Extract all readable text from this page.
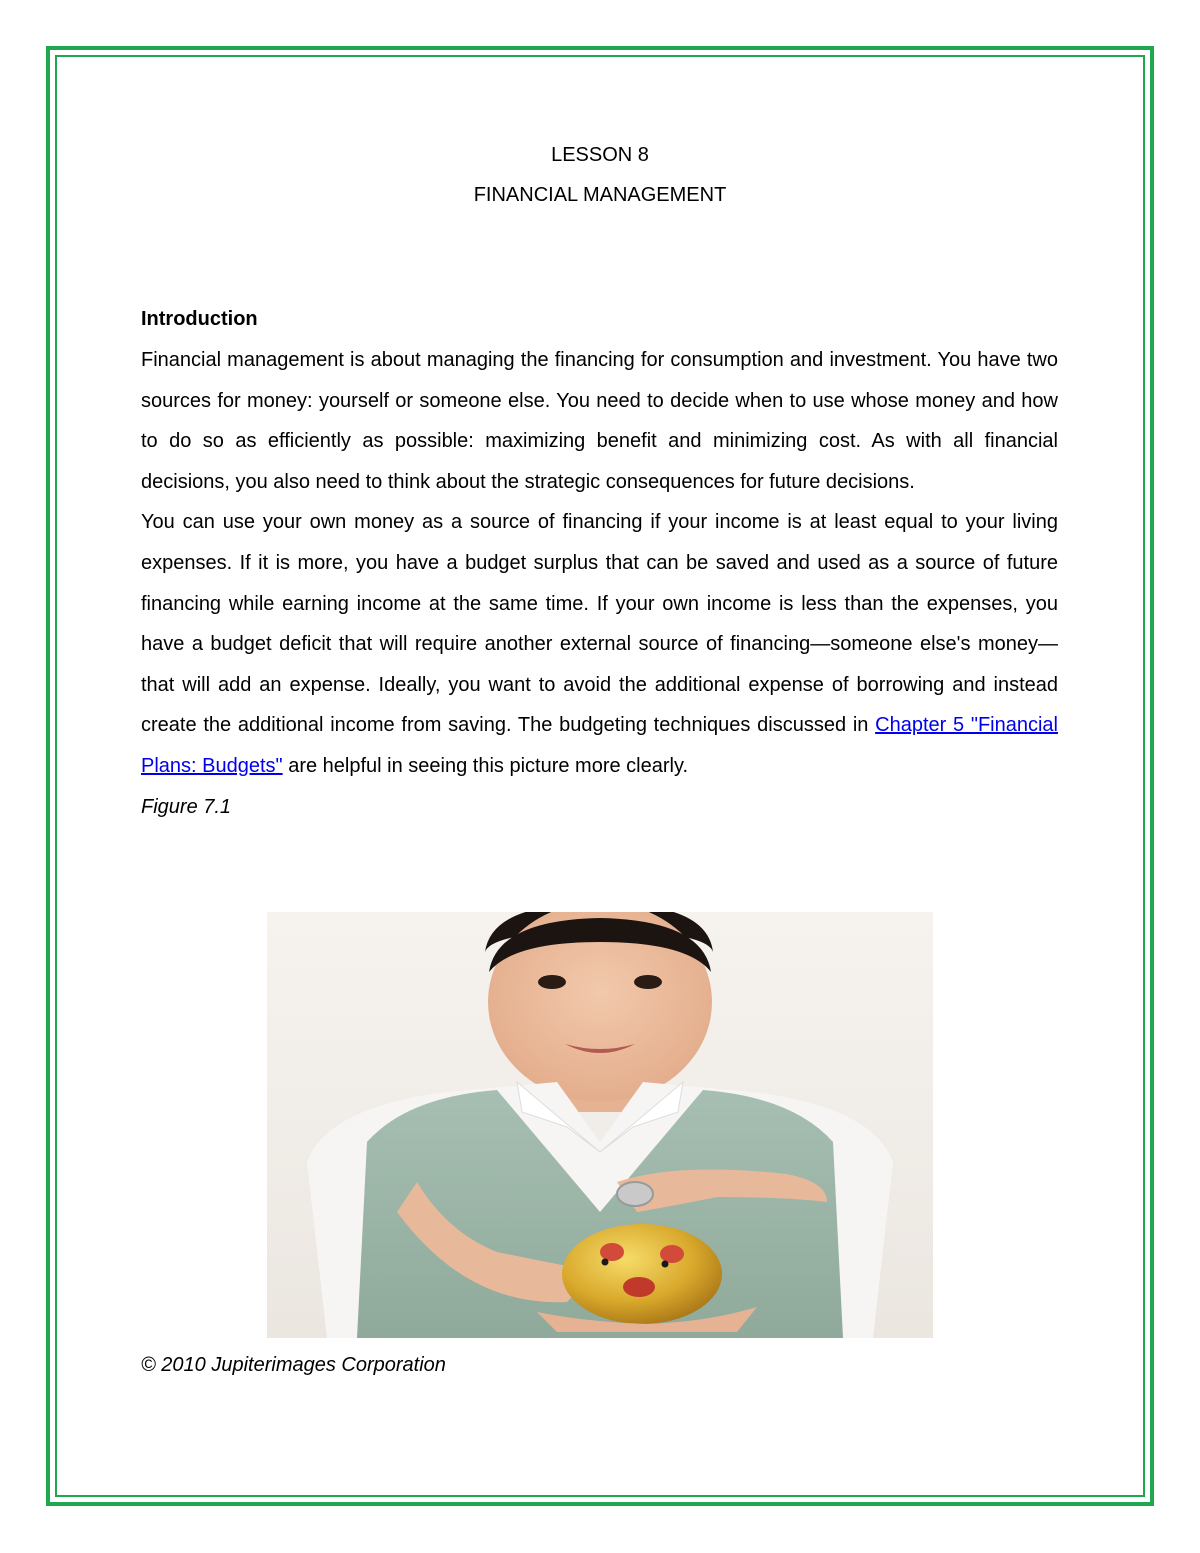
LESSON 8

FINANCIAL MANAGEMENT

Introduction

Financial management is about managing the financing for consumption and investment. You have two sources for money: yourself or someone else. You need to decide when to use whose money and how to do so as efficiently as possible: maximizing benefit and minimizing cost. As with all financial decisions, you also need to think about the strategic consequences for future decisions.

You can use your own money as a source of financing if your income is at least equal to your living expenses. If it is more, you have a budget surplus that can be saved and used as a source of future financing while earning income at the same time. If your own income is less than the expenses, you have a budget deficit that will require another external source of financing—someone else's money—that will add an expense. Ideally, you want to avoid the additional expense of borrowing and instead create the additional income from saving. The budgeting techniques discussed in Chapter 5 "Financial Plans: Budgets" are helpful in seeing this picture more clearly.

Figure 7.1

© 2010 Jupiterimages Corporation
